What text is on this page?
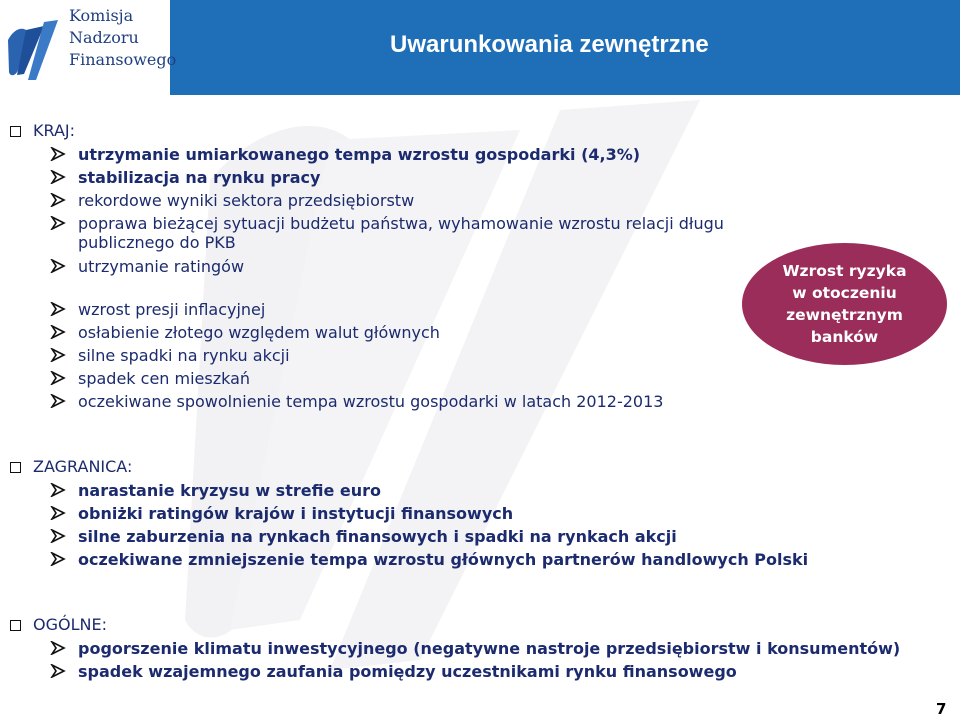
Uwarunkowania zewnętrzne
Komisja
Nadzoru
Finansowego
KRAJ:
utrzymanie umiarkowanego tempa wzrostu gospodarki (4,3%)
stabilizacja na rynku pracy
rekordowe wyniki sektora przedsiębiorstw
poprawa bieżącej sytuacji budżetu państwa, wyhamowanie wzrostu relacji długu
publicznego do PKB
utrzymanie ratingów
wzrost presji inflacyjnej
osłabienie złotego względem walut głównych
silne spadki na rynku akcji
spadek cen mieszkań
oczekiwane spowolnienie tempa wzrostu gospodarki w latach 2012-2013
Wzrost ryzyka
w otoczeniu
zewnętrznym
banków
ZAGRANICA:
narastanie kryzysu w strefie euro
obniżki ratingów krajów i instytucji finansowych
silne zaburzenia na rynkach finansowych i spadki na rynkach akcji
oczekiwane zmniejszenie tempa wzrostu głównych partnerów handlowych Polski
OGÓLNE:
pogorszenie klimatu inwestycyjnego (negatywne nastroje przedsiębiorstw i konsumentów)
spadek wzajemnego zaufania pomiędzy uczestnikami rynku finansowego
7
